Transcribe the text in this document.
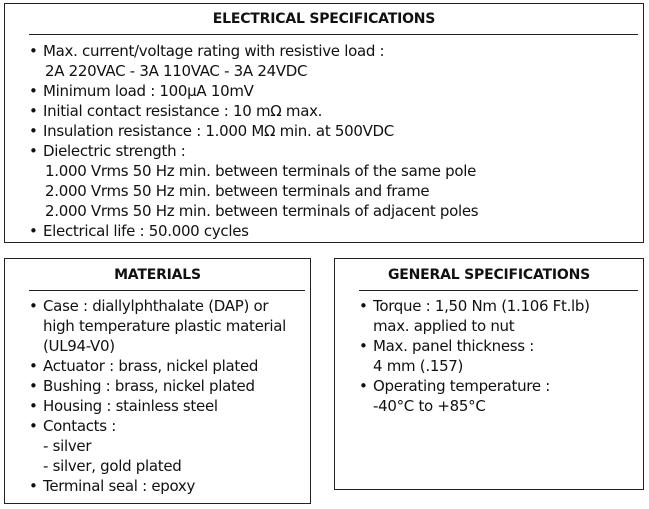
ELECTRICAL SPECIFICATIONS
• Max. current/voltage rating with resistive load :
2A 220VAC - 3A 110VAC - 3A 24VDC
• Minimum load : 100µA 10mV
• Initial contact resistance : 10 mΩ max.
• Insulation resistance : 1.000 MΩ min. at 500VDC
• Dielectric strength :
1.000 Vrms 50 Hz min. between terminals of the same pole
2.000 Vrms 50 Hz min. between terminals and frame
2.000 Vrms 50 Hz min. between terminals of adjacent poles
• Electrical life : 50.000 cycles
MATERIALS
• Case : diallylphthalate (DAP) or
high temperature plastic material
(UL94-V0)
• Actuator : brass, nickel plated
• Bushing : brass, nickel plated
• Housing : stainless steel
• Contacts :
- silver
- silver, gold plated
• Terminal seal : epoxy
GENERAL SPECIFICATIONS
• Torque : 1,50 Nm (1.106 Ft.lb)
max. applied to nut
• Max. panel thickness :
4 mm (.157)
• Operating temperature :
-40°C to +85°C
